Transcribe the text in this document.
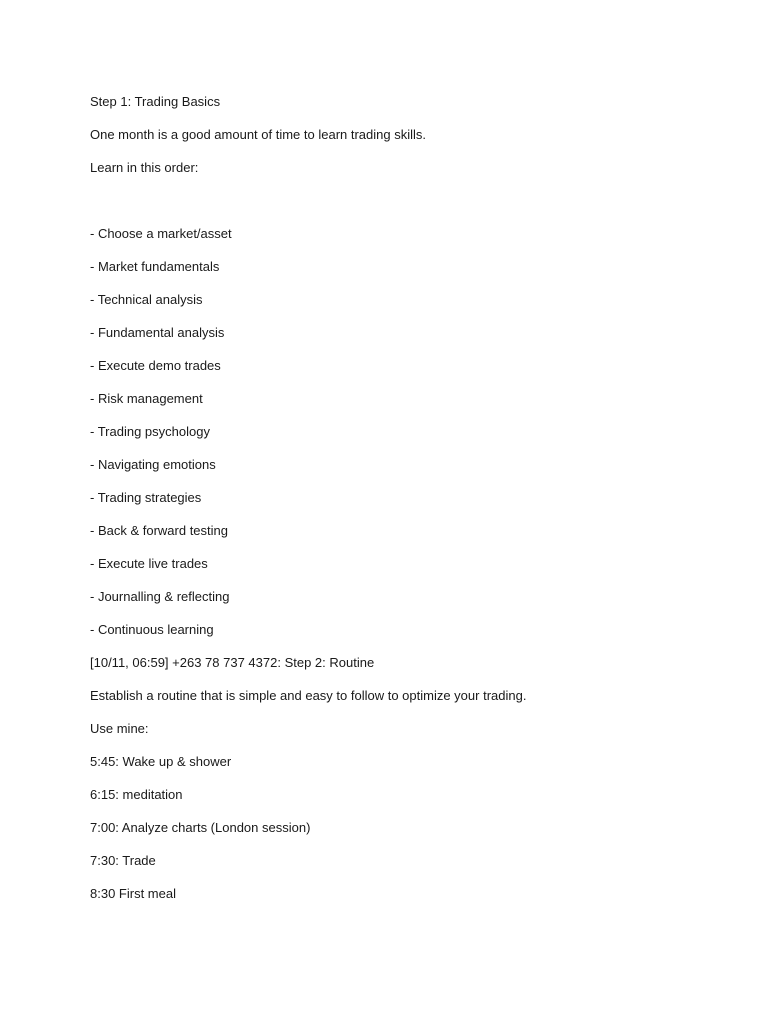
Step 1: Trading Basics

One month is a good amount of time to learn trading skills.

Learn in this order:

- Choose a market/asset

- Market fundamentals

- Technical analysis

- Fundamental analysis

- Execute demo trades

- Risk management

- Trading psychology

- Navigating emotions

- Trading strategies

- Back & forward testing

- Execute live trades

- Journalling & reflecting

- Continuous learning

[10/11, 06:59] +263 78 737 4372: Step 2: Routine

Establish a routine that is simple and easy to follow to optimize your trading.

Use mine:

5:45: Wake up & shower

6:15: meditation

7:00: Analyze charts (London session)

7:30: Trade

8:30 First meal
